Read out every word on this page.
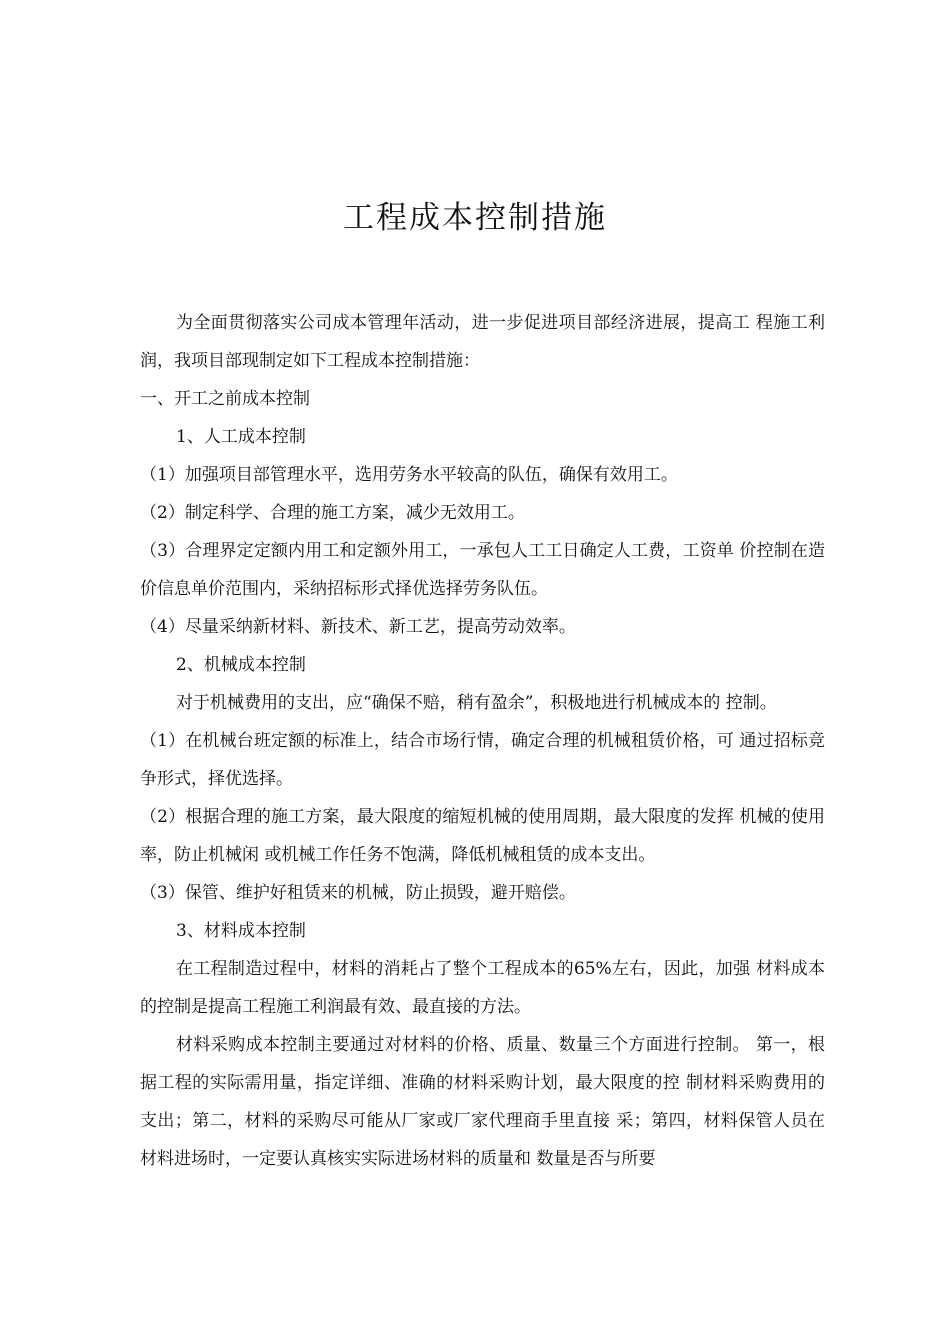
工程成本控制措施

为全面贯彻落实公司成本管理年活动，进一步促进项目部经济进展，提高工 程施工利润，我项目部现制定如下工程成本控制措施：

一、开工之前成本控制

1、人工成本控制

（1）加强项目部管理水平，选用劳务水平较高的队伍，确保有效用工。

（2）制定科学、合理的施工方案，减少无效用工。

（3）合理界定定额内用工和定额外用工，一承包人工工日确定人工费，工资单 价控制在造价信息单价范围内，采纳招标形式择优选择劳务队伍。

（4）尽量采纳新材料、新技术、新工艺，提高劳动效率。

2、机械成本控制

对于机械费用的支出，应“确保不赔，稍有盈余”，积极地进行机械成本的 控制。

（1）在机械台班定额的标准上，结合市场行情，确定合理的机械租赁价格，可 通过招标竞争形式，择优选择。

（2）根据合理的施工方案，最大限度的缩短机械的使用周期，最大限度的发挥 机械的使用率，防止机械闲 或机械工作任务不饱满，降低机械租赁的成本支出。

（3）保管、维护好租赁来的机械，防止损毁，避开赔偿。

3、材料成本控制

在工程制造过程中，材料的消耗占了整个工程成本的65%左右，因此，加强 材料成本的控制是提高工程施工利润最有效、最直接的方法。

材料采购成本控制主要通过对材料的价格、质量、数量三个方面进行控制。 第一，根据工程的实际需用量，指定详细、准确的材料采购计划，最大限度的控 制材料采购费用的支出；第二，材料的采购尽可能从厂家或厂家代理商手里直接 采；第四，材料保管人员在材料进场时，一定要认真核实实际进场材料的质量和 数量是否与所要
